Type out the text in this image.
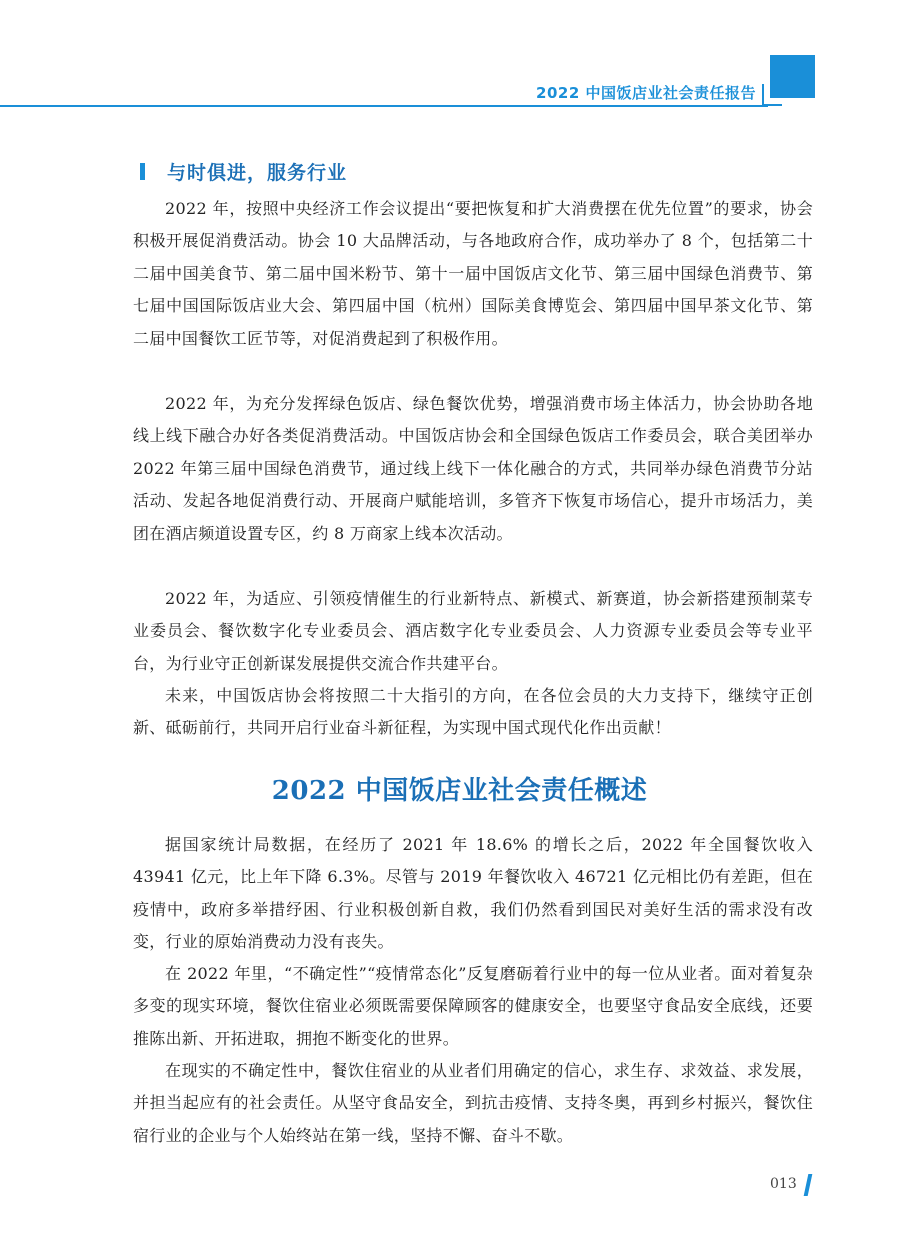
2022 中国饭店业社会责任报告
与时俱进，服务行业

2022 年，按照中央经济工作会议提出“要把恢复和扩大消费摆在优先位置”的要求，协会积极开展促消费活动。协会 10 大品牌活动，与各地政府合作，成功举办了 8 个，包括第二十二届中国美食节、第二届中国米粉节、第十一届中国饭店文化节、第三届中国绿色消费节、第七届中国国际饭店业大会、第四届中国（杭州）国际美食博览会、第四届中国早茶文化节、第二届中国餐饮工匠节等，对促消费起到了积极作用。

2022 年，为充分发挥绿色饭店、绿色餐饮优势，增强消费市场主体活力，协会协助各地线上线下融合办好各类促消费活动。中国饭店协会和全国绿色饭店工作委员会，联合美团举办 2022 年第三届中国绿色消费节，通过线上线下一体化融合的方式，共同举办绿色消费节分站活动、发起各地促消费行动、开展商户赋能培训，多管齐下恢复市场信心，提升市场活力，美团在酒店频道设置专区，约 8 万商家上线本次活动。

2022 年，为适应、引领疫情催生的行业新特点、新模式、新赛道，协会新搭建预制菜专业委员会、餐饮数字化专业委员会、酒店数字化专业委员会、人力资源专业委员会等专业平台，为行业守正创新谋发展提供交流合作共建平台。

未来，中国饭店协会将按照二十大指引的方向，在各位会员的大力支持下，继续守正创新、砥砺前行，共同开启行业奋斗新征程，为实现中国式现代化作出贡献！

2022 中国饭店业社会责任概述

据国家统计局数据，在经历了 2021 年 18.6% 的增长之后，2022 年全国餐饮收入 43941 亿元，比上年下降 6.3%。尽管与 2019 年餐饮收入 46721 亿元相比仍有差距，但在疫情中，政府多举措纾困、行业积极创新自救，我们仍然看到国民对美好生活的需求没有改变，行业的原始消费动力没有丧失。

在 2022 年里，“不确定性”“疫情常态化”反复磨砺着行业中的每一位从业者。面对着复杂多变的现实环境，餐饮住宿业必须既需要保障顾客的健康安全，也要坚守食品安全底线，还要推陈出新、开拓进取，拥抱不断变化的世界。

在现实的不确定性中，餐饮住宿业的从业者们用确定的信心，求生存、求效益、求发展，并担当起应有的社会责任。从坚守食品安全，到抗击疫情、支持冬奥，再到乡村振兴，餐饮住宿行业的企业与个人始终站在第一线，坚持不懈、奋斗不歇。

013
